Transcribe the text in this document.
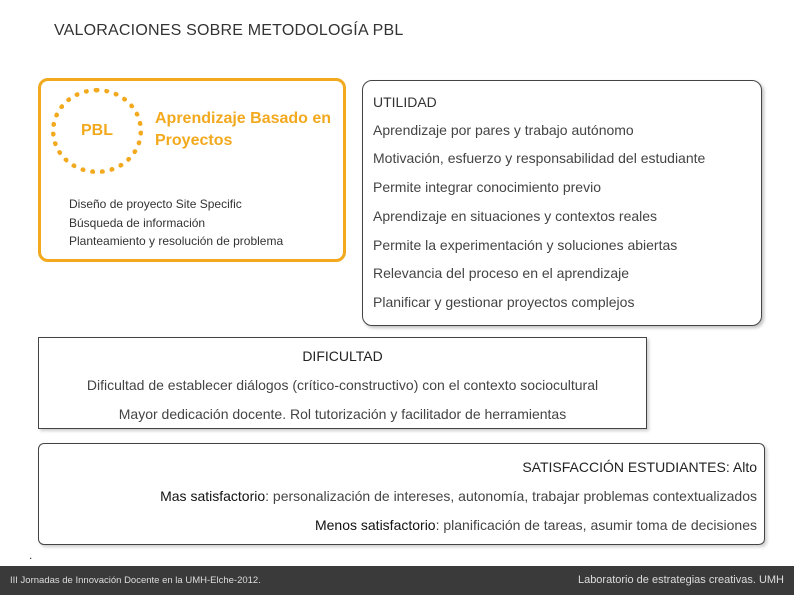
VALORACIONES SOBRE METODOLOGÍA PBL
PBL
Aprendizaje Basado en Proyectos
Diseño de proyecto Site Specific
Búsqueda de información
Planteamiento y resolución de problema
UTILIDAD
Aprendizaje por pares y trabajo autónomo
Motivación, esfuerzo y responsabilidad del estudiante
Permite integrar conocimiento previo
Aprendizaje en situaciones y contextos reales
Permite la experimentación y soluciones abiertas
Relevancia del proceso en el aprendizaje
Planificar y gestionar proyectos complejos
DIFICULTAD
Dificultad de establecer diálogos (crítico-constructivo) con el contexto sociocultural
Mayor dedicación docente. Rol tutorización y facilitador de herramientas
SATISFACCIÓN ESTUDIANTES: Alto
Mas satisfactorio: personalización de intereses, autonomía, trabajar problemas contextualizados
Menos satisfactorio: planificación de tareas, asumir toma de decisiones
.
III Jornadas de Innovación Docente en la UMH-Elche-2012.	Laboratorio de estrategias creativas. UMH
